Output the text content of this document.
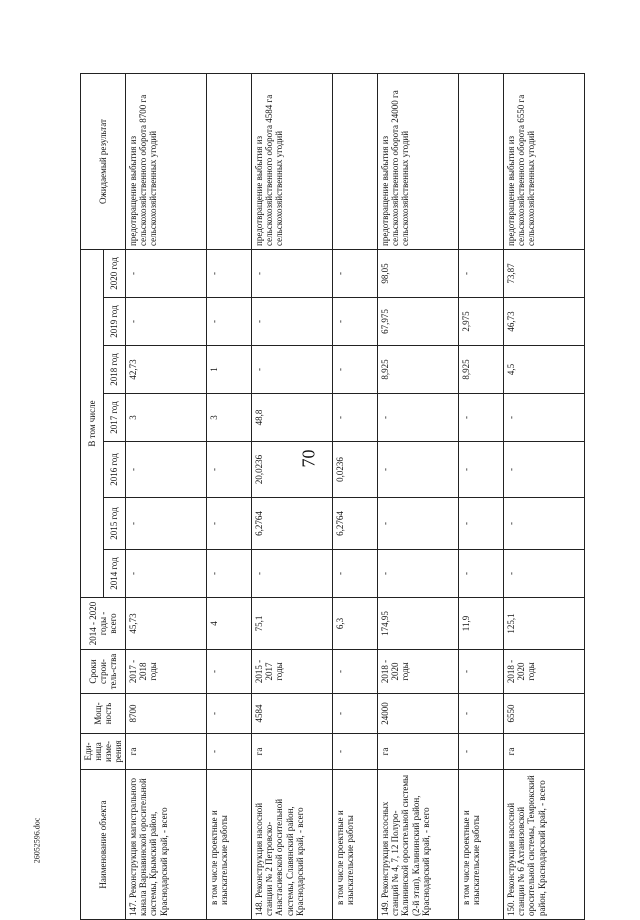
70
26052596.doc	Наименование объекта	Еди-ница изме-рения	Мощ-ность	Сроки строи-тель-ства	2014 - 2020 годы - всего	В том числе							Ожидаемый результат
					2014 год	2015 год	2016 год	2017 год	2018 год	2019 год	2020 год	
147. Реконструкция магистрального канала Варнавинской оросительной системы, Крымский район, Краснодарский край, - всего	га	8700	2017 - 2018 годы	45,73	-	-	-	3	42,73	-	-	предотвращение выбытия из сельскохозяйственного оборота 8700 га сельскохозяйственных угодий
в том числе проектные и изыскательские работы	-	-	-	4	-	-	-	3	1	-	-	
148. Реконструкция насосной станции № 2 Петровско-Анастасиевской оросительной системы, Славянский район, Краснодарский край, - всего	га	4584	2015 - 2017 годы	75,1	-	6,2764	20,0236	48,8	-	-	-	предотвращение выбытия из сельскохозяйственного оборота 4584 га сельскохозяйственных угодий
в том числе проектные и изыскательские работы	-	-	-	6,3	-	6,2764	0,0236	-	-	-	-	
149. Реконструкция насосных станций № 4, 7, 12 Полуро-Калининской оросительной системы (2-й этап), Калининский район, Краснодарский край, - всего	га	24000	2018 - 2020 годы	174,95	-	-	-	-	8,925	67,975	98,05	предотвращение выбытия из сельскохозяйственного оборота 24000 га сельскохозяйственных угодий
в том числе проектные и изыскательские работы	-	-	-	11,9	-	-	-	-	8,925	2,975	-	
150. Реконструкция насосной станции № 6 Ахтанизовской оросительной системы, Темрюкский район, Краснодарский край, - всего	га	6550	2018 - 2020 годы	125,1	-	-	-	-	4,5	46,73	73,87	предотвращение выбытия из сельскохозяйственного оборота 6550 га сельскохозяйственных угодий
